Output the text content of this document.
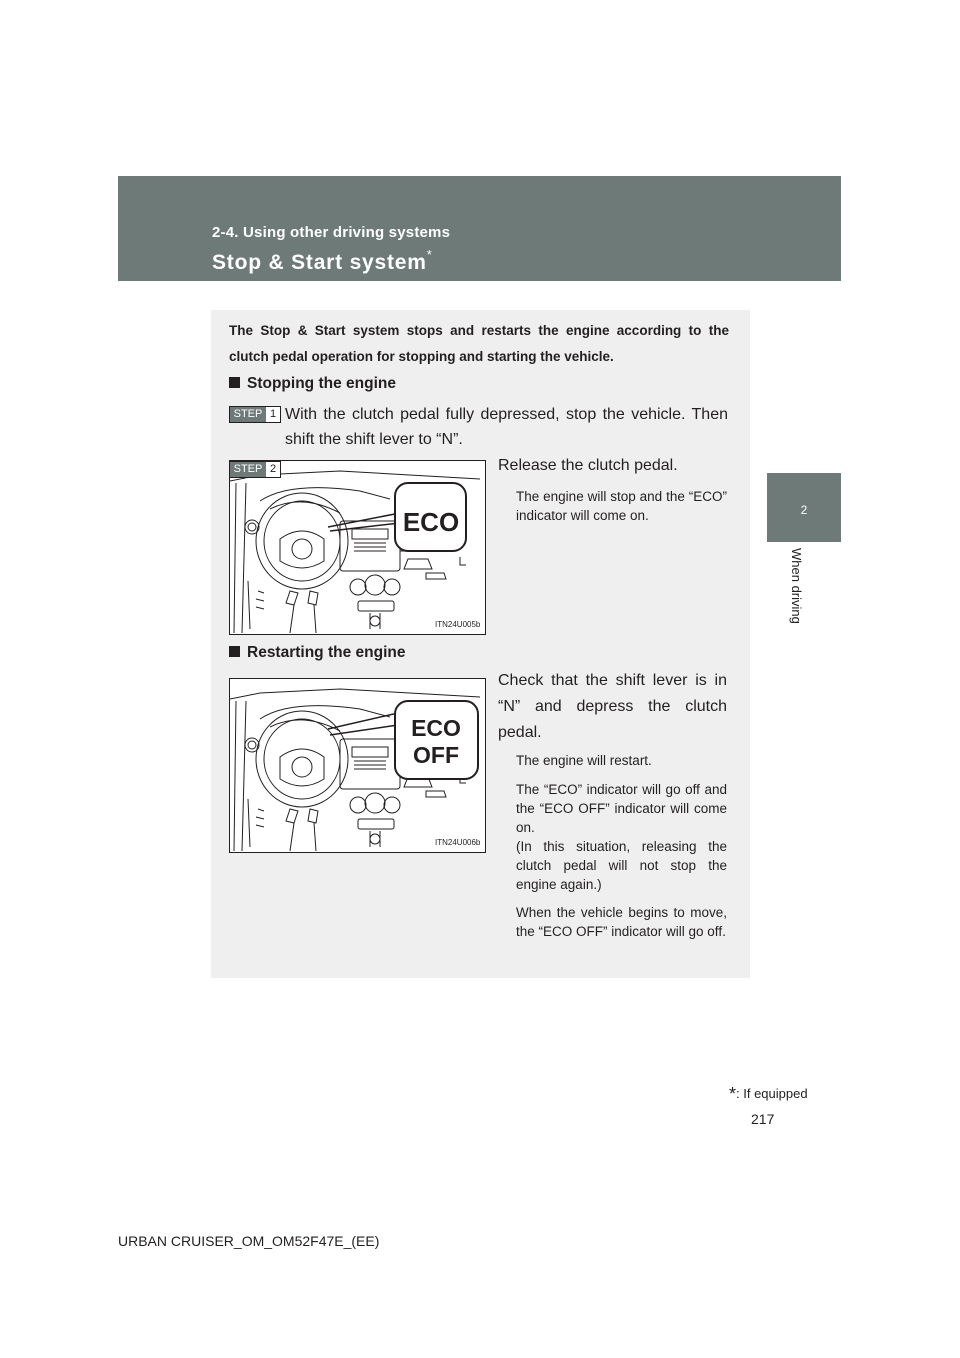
2-4. Using other driving systems
Stop & Start system*
2
When driving
The Stop & Start system stops and restarts the engine according to the clutch pedal operation for stopping and starting the vehicle.
Stopping the engine
STEP 1 With the clutch pedal fully depressed, stop the vehicle. Then shift the shift lever to “N”.
ECO
ITN24U005b
STEP 2	Release the clutch pedal.
The engine will stop and the “ECO” indicator will come on.
Restarting the engine
ECO
OFF
ITN24U006b
Check that the shift lever is in “N” and depress the clutch pedal.
The engine will restart.
The “ECO” indicator will go off and the “ECO OFF” indicator will come on.
(In this situation, releasing the clutch pedal will not stop the engine again.)
When the vehicle begins to move, the “ECO OFF” indicator will go off.
*: If equipped
217
URBAN CRUISER_OM_OM52F47E_(EE)
